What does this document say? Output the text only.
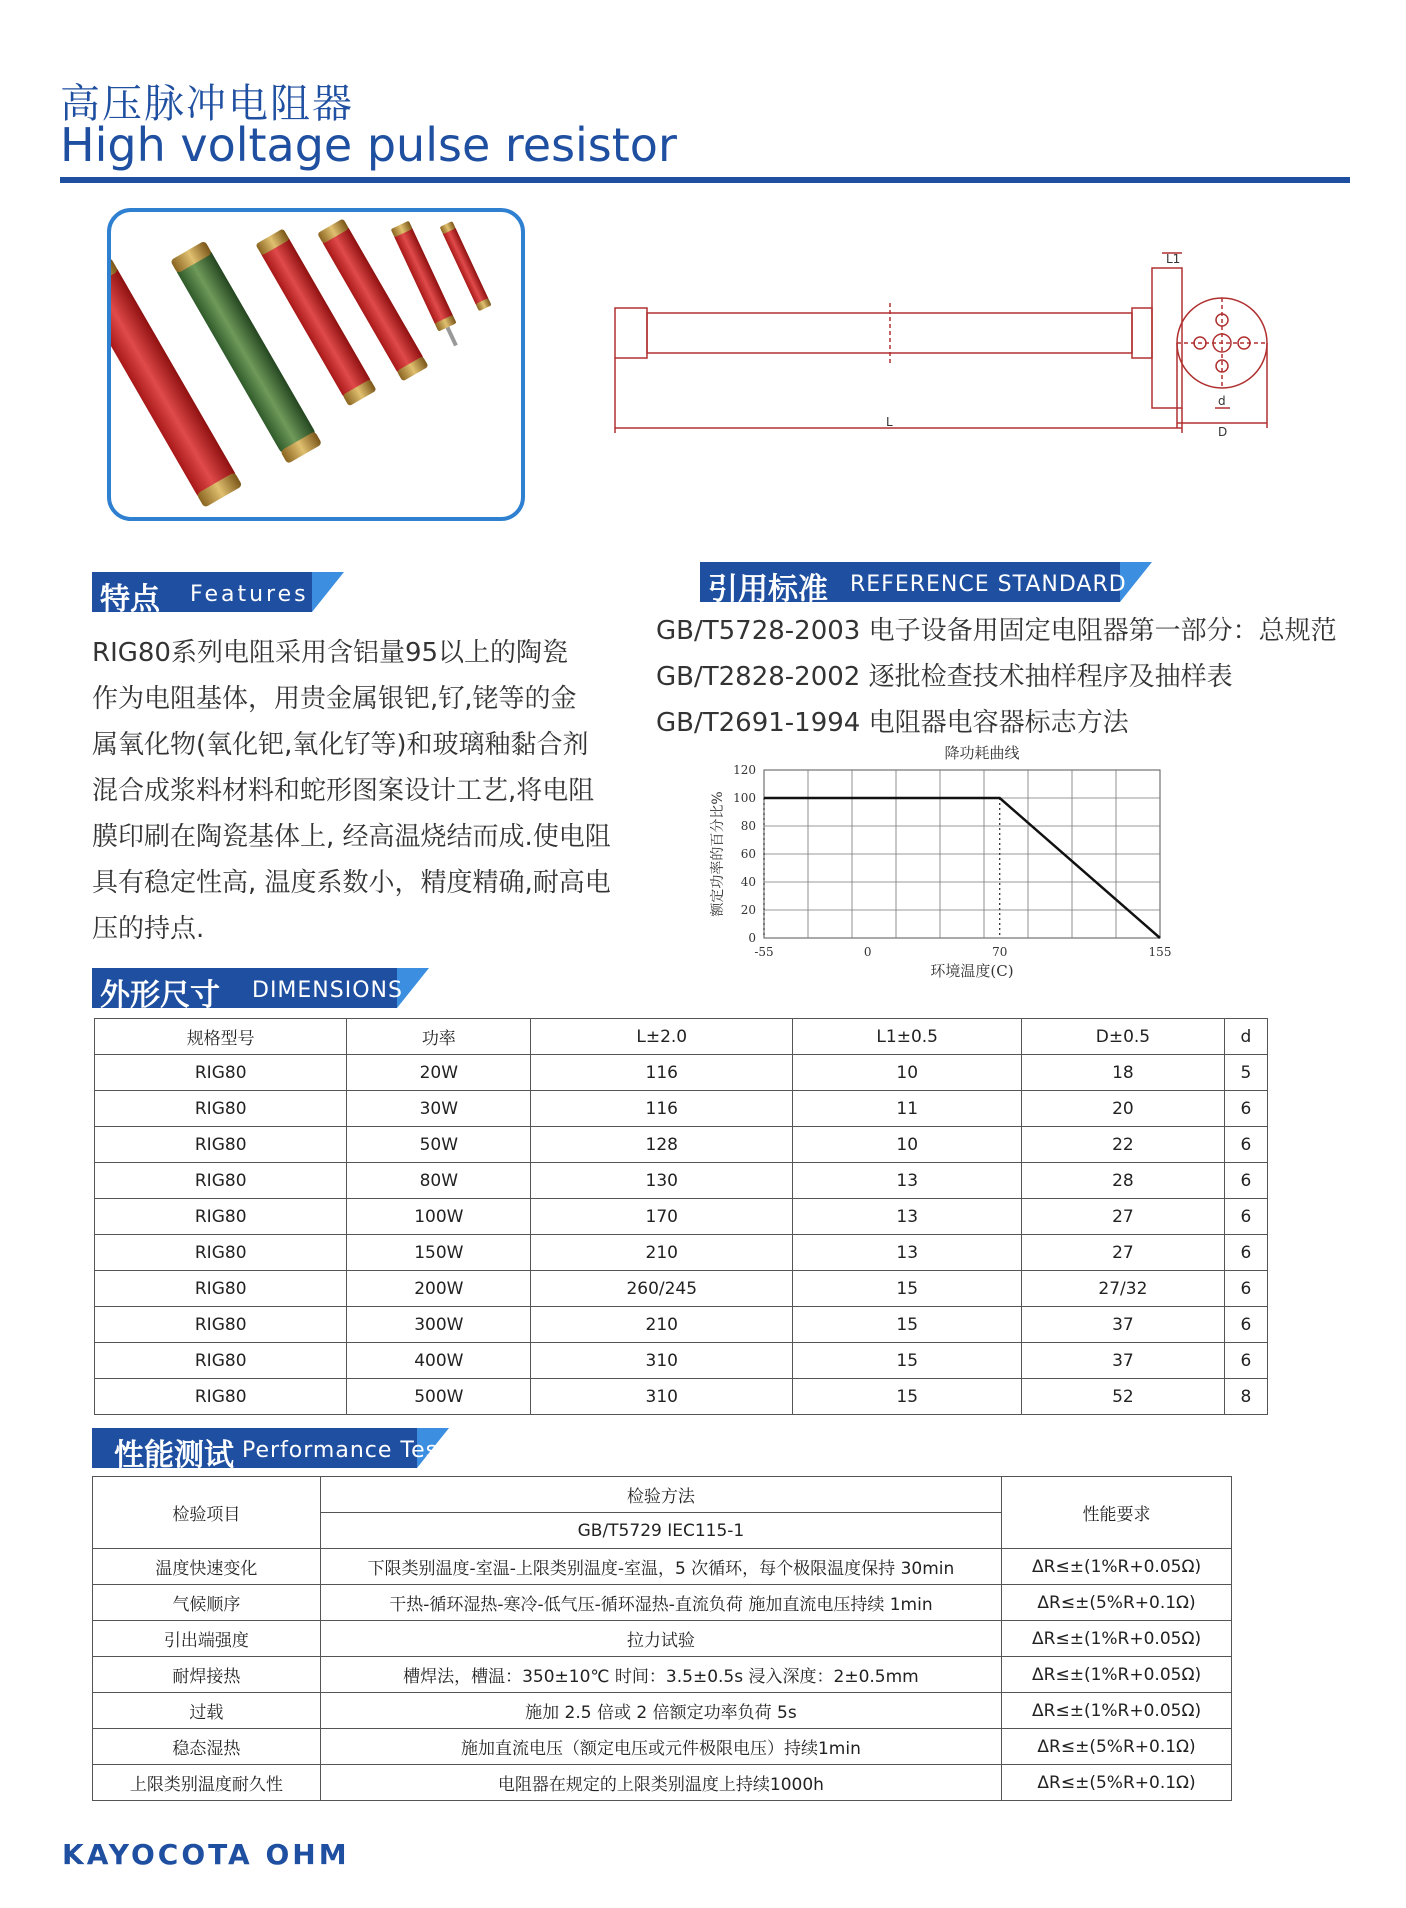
高压脉冲电阻器
High voltage pulse resistor
L
L1
d
D
特点 Features
RIG80系列电阻采用含铝量95以上的陶瓷
作为电阻基体，用贵金属银钯,钌,铑等的金
属氧化物(氧化钯,氧化钌等)和玻璃釉黏合剂
混合成浆料材料和蛇形图案设计工艺,将电阻
膜印刷在陶瓷基体上, 经高温烧结而成.使电阻
具有稳定性高, 温度系数小，精度精确,耐高电
压的持点.
引用标准 REFERENCE STANDARD
GB/T5728-2003 电子设备用固定电阻器第一部分：总规范
GB/T2828-2002 逐批检查技术抽样程序及抽样表
GB/T2691-1994 电阻器电容器标志方法
0
20
40
60
80
100
120
-55	0	70	155
降功耗曲线
环境温度(C)
额定功率的百分比%
外形尺寸 DIMENSIONS
规格型号	功率	L±2.0	L1±0.5	D±0.5	d
RIG80	20W	116	10	18	5
RIG80	30W	116	11	20	6
RIG80	50W	128	10	22	6
RIG80	80W	130	13	28	6
RIG80	100W	170	13	27	6
RIG80	150W	210	13	27	6
RIG80	200W	260/245	15	27/32	6
RIG80	300W	210	15	37	6
RIG80	400W	310	15	37	6
RIG80	500W	310	15	52	8
性能测试 Performance Test
检验项目	检验方法	性能要求
	GB/T5729 IEC115-1	
温度快速变化	下限类别温度-室温-上限类别温度-室温，5 次循环，每个极限温度保持 30min	ΔR≤±(1%R+0.05Ω)
气候顺序	干热-循环湿热-寒冷-低气压-循环湿热-直流负荷 施加直流电压持续 1min	ΔR≤±(5%R+0.1Ω)
引出端强度	拉力试验	ΔR≤±(1%R+0.05Ω)
耐焊接热	槽焊法，槽温：350±10℃ 时间：3.5±0.5s 浸入深度：2±0.5mm	ΔR≤±(1%R+0.05Ω)
过载	施加 2.5 倍或 2 倍额定功率负荷 5s	ΔR≤±(1%R+0.05Ω)
稳态湿热	施加直流电压（额定电压或元件极限电压）持续1min	ΔR≤±(5%R+0.1Ω)
上限类别温度耐久性	电阻器在规定的上限类别温度上持续1000h	ΔR≤±(5%R+0.1Ω)
KAYOCOTA OHM
